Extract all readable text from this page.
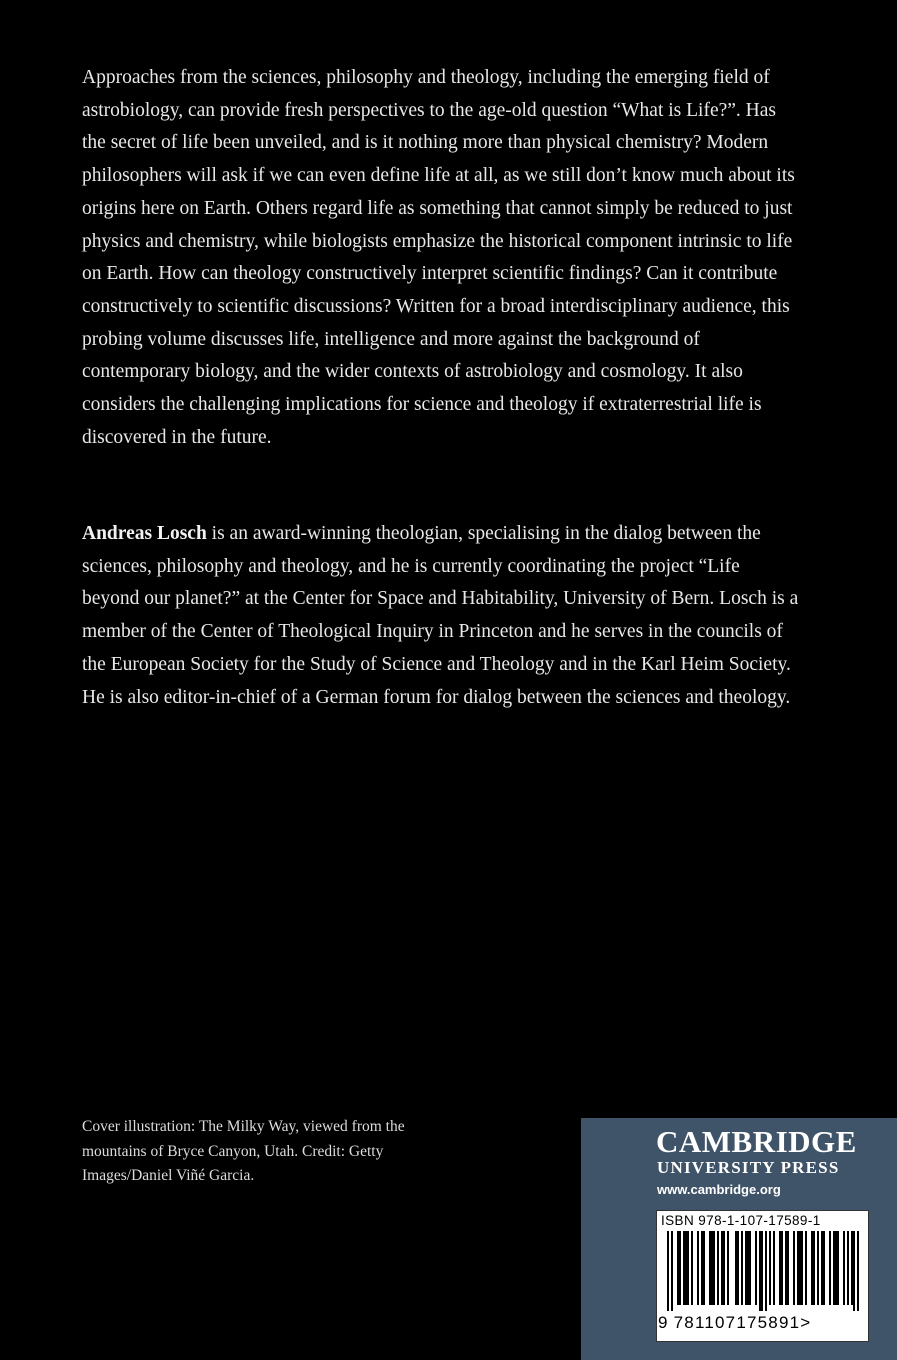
Approaches from the sciences, philosophy and theology, including the emerging field of astrobiology, can provide fresh perspectives to the age-old question “What is Life?”. Has the secret of life been unveiled, and is it nothing more than physical chemistry? Modern philosophers will ask if we can even define life at all, as we still don’t know much about its origins here on Earth. Others regard life as something that cannot simply be reduced to just physics and chemistry, while biologists emphasize the historical component intrinsic to life on Earth. How can theology constructively interpret scientific findings? Can it contribute constructively to scientific discussions? Written for a broad interdisciplinary audience, this probing volume discusses life, intelligence and more against the background of contemporary biology, and the wider contexts of astrobiology and cosmology. It also considers the challenging implications for science and theology if extraterrestrial life is discovered in the future.

Andreas Losch is an award-winning theologian, specialising in the dialog between the sciences, philosophy and theology, and he is currently coordinating the project “Life beyond our planet?” at the Center for Space and Habitability, University of Bern. Losch is a member of the Center of Theological Inquiry in Princeton and he serves in the councils of the European Society for the Study of Science and Theology and in the Karl Heim Society. He is also editor-in-chief of a German forum for dialog between the sciences and theology.

Cover illustration: The Milky Way, viewed from the mountains of Bryce Canyon, Utah. Credit: Getty Images/Daniel Viñé Garcia.

CAMBRIDGE
UNIVERSITY PRESS
www.cambridge.org
ISBN 978-1-107-17589-1
9 781107175891>
